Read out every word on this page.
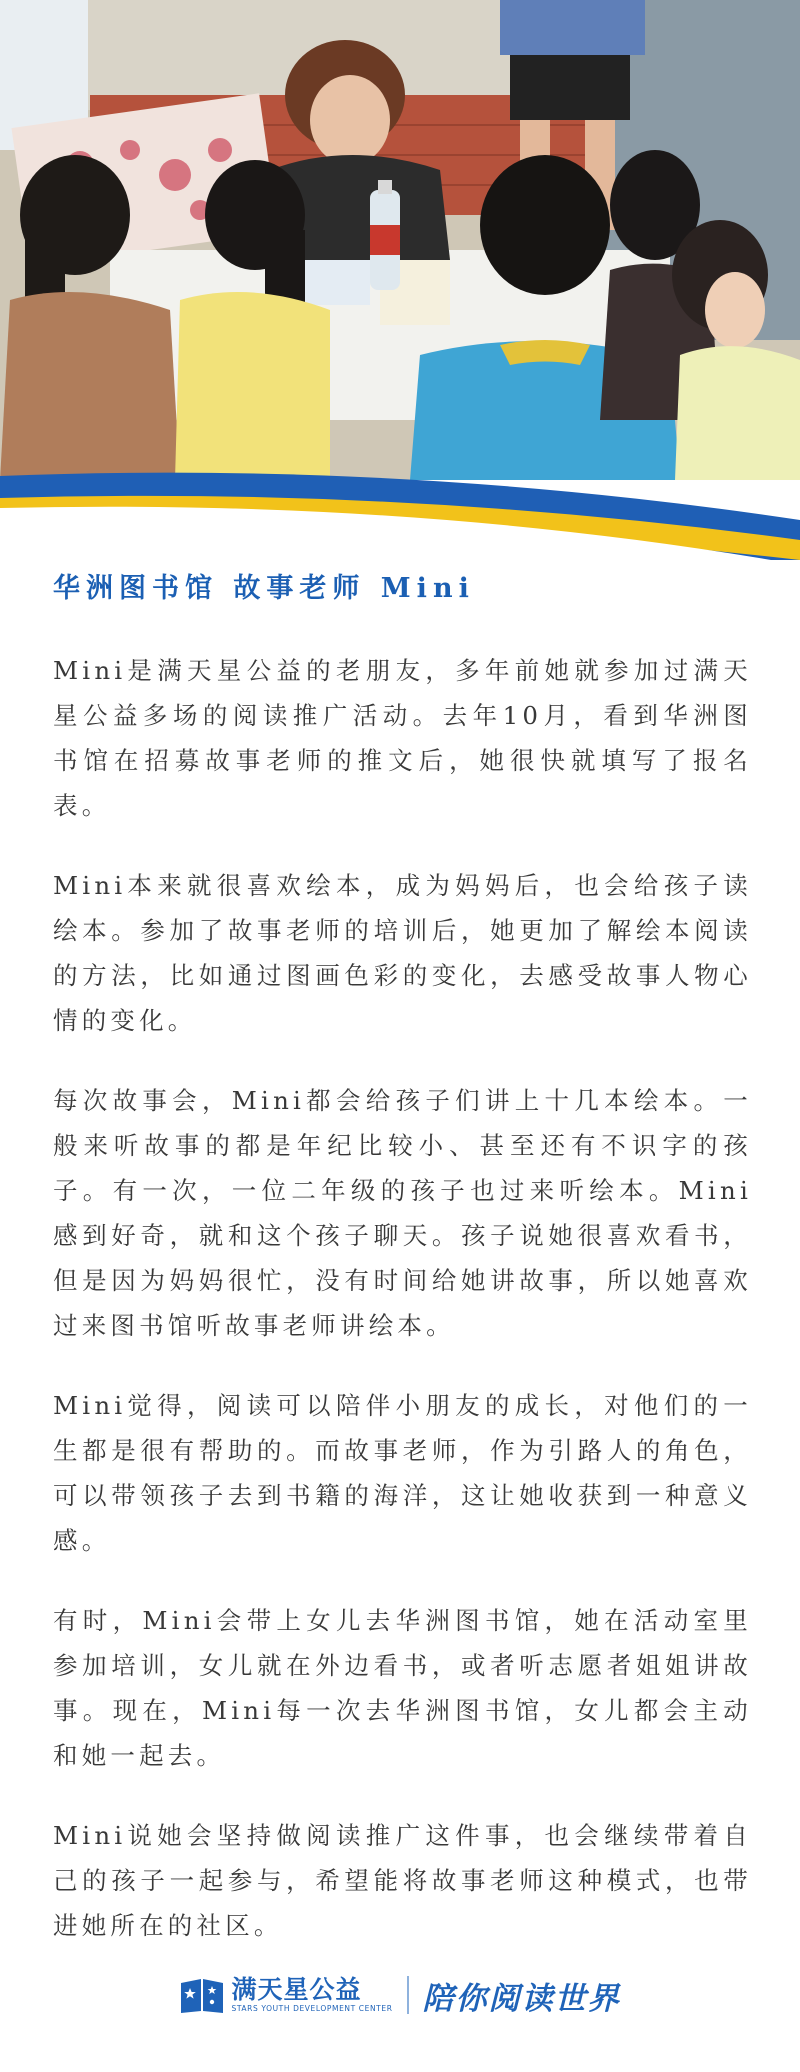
华洲图书馆 故事老师 Mini

Mini是满天星公益的老朋友，多年前她就参加过满天星公益多场的阅读推广活动。去年10月，看到华洲图书馆在招募故事老师的推文后，她很快就填写了报名表。

Mini本来就很喜欢绘本，成为妈妈后，也会给孩子读绘本。参加了故事老师的培训后，她更加了解绘本阅读的方法，比如通过图画色彩的变化，去感受故事人物心情的变化。

每次故事会，Mini都会给孩子们讲上十几本绘本。一般来听故事的都是年纪比较小、甚至还有不识字的孩子。有一次，一位二年级的孩子也过来听绘本。Mini感到好奇，就和这个孩子聊天。孩子说她很喜欢看书，但是因为妈妈很忙，没有时间给她讲故事，所以她喜欢过来图书馆听故事老师讲绘本。

Mini觉得，阅读可以陪伴小朋友的成长，对他们的一生都是很有帮助的。而故事老师，作为引路人的角色，可以带领孩子去到书籍的海洋，这让她收获到一种意义感。

有时，Mini会带上女儿去华洲图书馆，她在活动室里参加培训，女儿就在外边看书，或者听志愿者姐姐讲故事。现在，Mini每一次去华洲图书馆，女儿都会主动和她一起去。

Mini说她会坚持做阅读推广这件事，也会继续带着自己的孩子一起参与，希望能将故事老师这种模式，也带进她所在的社区。

满天星公益
STARS YOUTH DEVELOPMENT CENTER 陪你阅读世界
